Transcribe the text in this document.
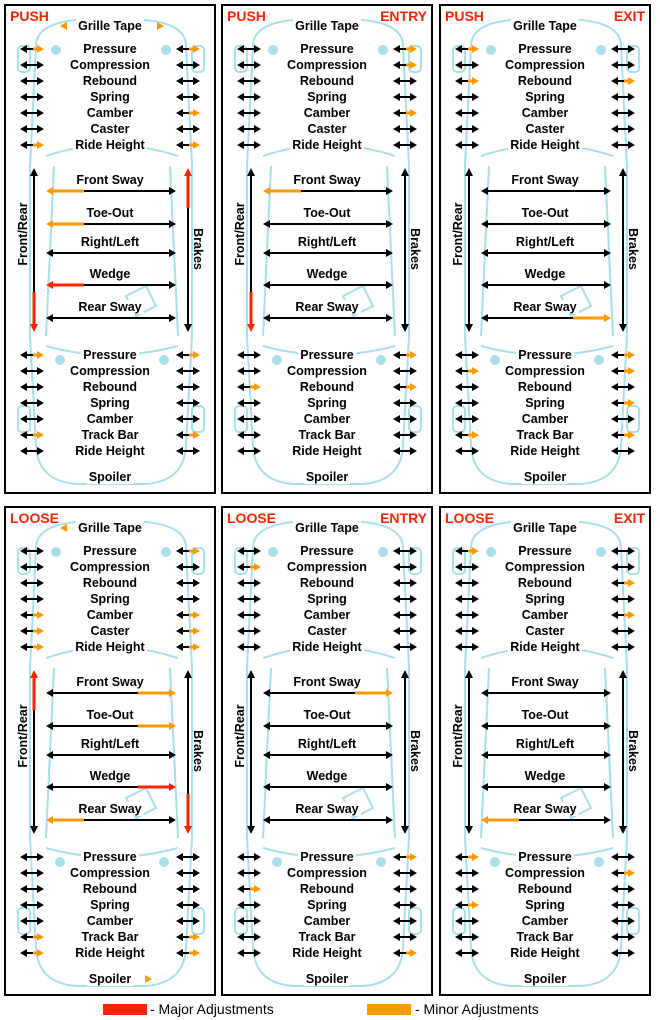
PUSH
Grille Tape
Pressure
Compression
Rebound
Spring
Camber
Caster
Ride Height
Front Sway
Toe-Out
Right/Left
Wedge
Rear Sway
Front/Rear	Brakes
Pressure
Compression
Rebound
Spring
Camber
Track Bar
Ride Height
Spoiler
PUSH	ENTRY
Grille Tape
Pressure
Compression
Rebound
Spring
Camber
Caster
Ride Height
Front Sway
Toe-Out
Right/Left
Wedge
Rear Sway
Front/Rear	Brakes
Pressure
Compression
Rebound
Spring
Camber
Track Bar
Ride Height
Spoiler
PUSH	EXIT
Grille Tape
Pressure
Compression
Rebound
Spring
Camber
Caster
Ride Height
Front Sway
Toe-Out
Right/Left
Wedge
Rear Sway
Front/Rear	Brakes
Pressure
Compression
Rebound
Spring
Camber
Track Bar
Ride Height
Spoiler
LOOSE
Grille Tape
Pressure
Compression
Rebound
Spring
Camber
Caster
Ride Height
Front Sway
Toe-Out
Right/Left
Wedge
Rear Sway
Front/Rear	Brakes
Pressure
Compression
Rebound
Spring
Camber
Track Bar
Ride Height
Spoiler
LOOSE	ENTRY
Grille Tape
Pressure
Compression
Rebound
Spring
Camber
Caster
Ride Height
Front Sway
Toe-Out
Right/Left
Wedge
Rear Sway
Front/Rear	Brakes
Pressure
Compression
Rebound
Spring
Camber
Track Bar
Ride Height
Spoiler
LOOSE	EXIT
Grille Tape
Pressure
Compression
Rebound
Spring
Camber
Caster
Ride Height
Front Sway
Toe-Out
Right/Left
Wedge
Rear Sway
Front/Rear	Brakes
Pressure
Compression
Rebound
Spring
Camber
Track Bar
Ride Height
Spoiler
- Major Adjustments	- Minor Adjustments
